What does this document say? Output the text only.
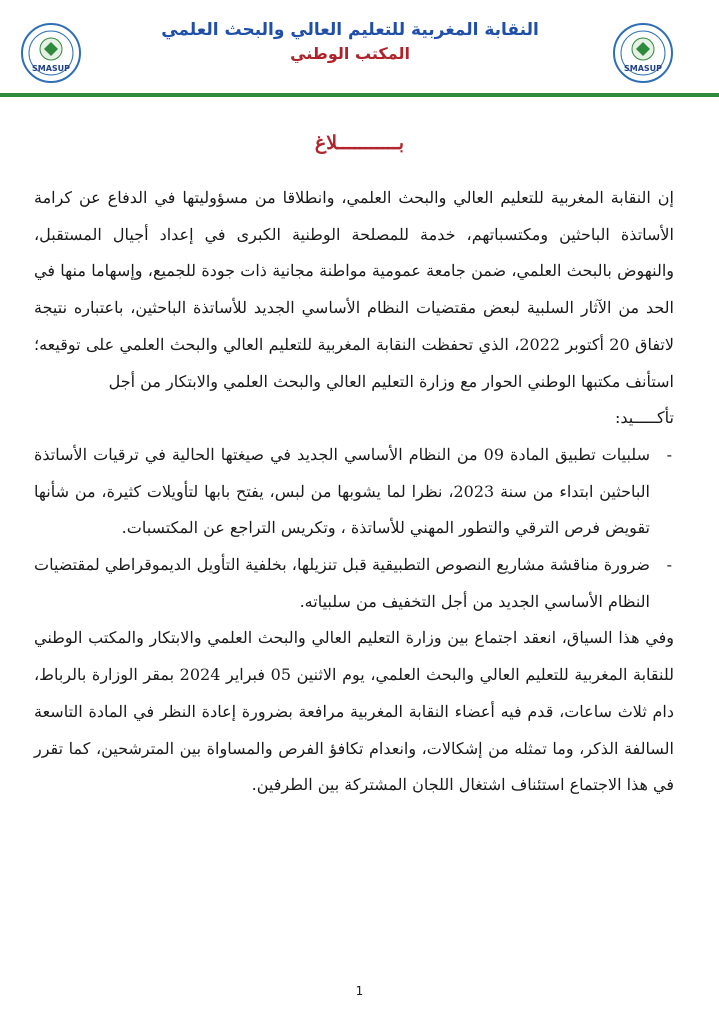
SMASUP
النقابة المغربية للتعليم العالي والبحث العلمي
المكتب الوطني
SMASUP
بـــــــــــلاغ

إن النقابة المغربية للتعليم العالي والبحث العلمي، وانطلاقا من مسؤوليتها في الدفاع عن كرامة الأساتذة الباحثين ومكتسباتهم، خدمة للمصلحة الوطنية الكبرى في إعداد أجيال المستقبل، والنهوض بالبحث العلمي، ضمن جامعة عمومية مواطنة مجانية ذات جودة للجميع، وإسهاما منها في الحد من الآثار السلبية لبعض مقتضيات النظام الأساسي الجديد للأساتذة الباحثين، باعتباره نتيجة لاتفاق 20 أكتوبر 2022، الذي تحفظت النقابة المغربية للتعليم العالي والبحث العلمي على توقيعه؛ استأنف مكتبها الوطني الحوار مع وزارة التعليم العالي والبحث العلمي والابتكار من أجل

تأكـــــيد:

-
سلبيات تطبيق المادة 09 من النظام الأساسي الجديد في صيغتها الحالية في ترقيات الأساتذة الباحثين ابتداء من سنة 2023، نظرا لما يشوبها من لبس، يفتح بابها لتأويلات كثيرة، من شأنها تقويض فرص الترقي والتطور المهني للأساتذة ، وتكريس التراجع عن المكتسبات.
-
ضرورة مناقشة مشاريع النصوص التطبيقية قبل تنزيلها، بخلفية التأويل الديموقراطي لمقتضيات النظام الأساسي الجديد من أجل التخفيف من سلبياته.

وفي هذا السياق، انعقد اجتماع بين وزارة التعليم العالي والبحث العلمي والابتكار والمكتب الوطني للنقابة المغربية للتعليم العالي والبحث العلمي، يوم الاثنين 05 فبراير 2024 بمقر الوزارة بالرباط، دام ثلاث ساعات، قدم فيه أعضاء النقابة المغربية مرافعة بضرورة إعادة النظر في المادة التاسعة السالفة الذكر، وما تمثله من إشكالات، وانعدام تكافؤ الفرص والمساواة بين المترشحين، كما تقرر في هذا الاجتماع استئناف اشتغال اللجان المشتركة بين الطرفين.

1
